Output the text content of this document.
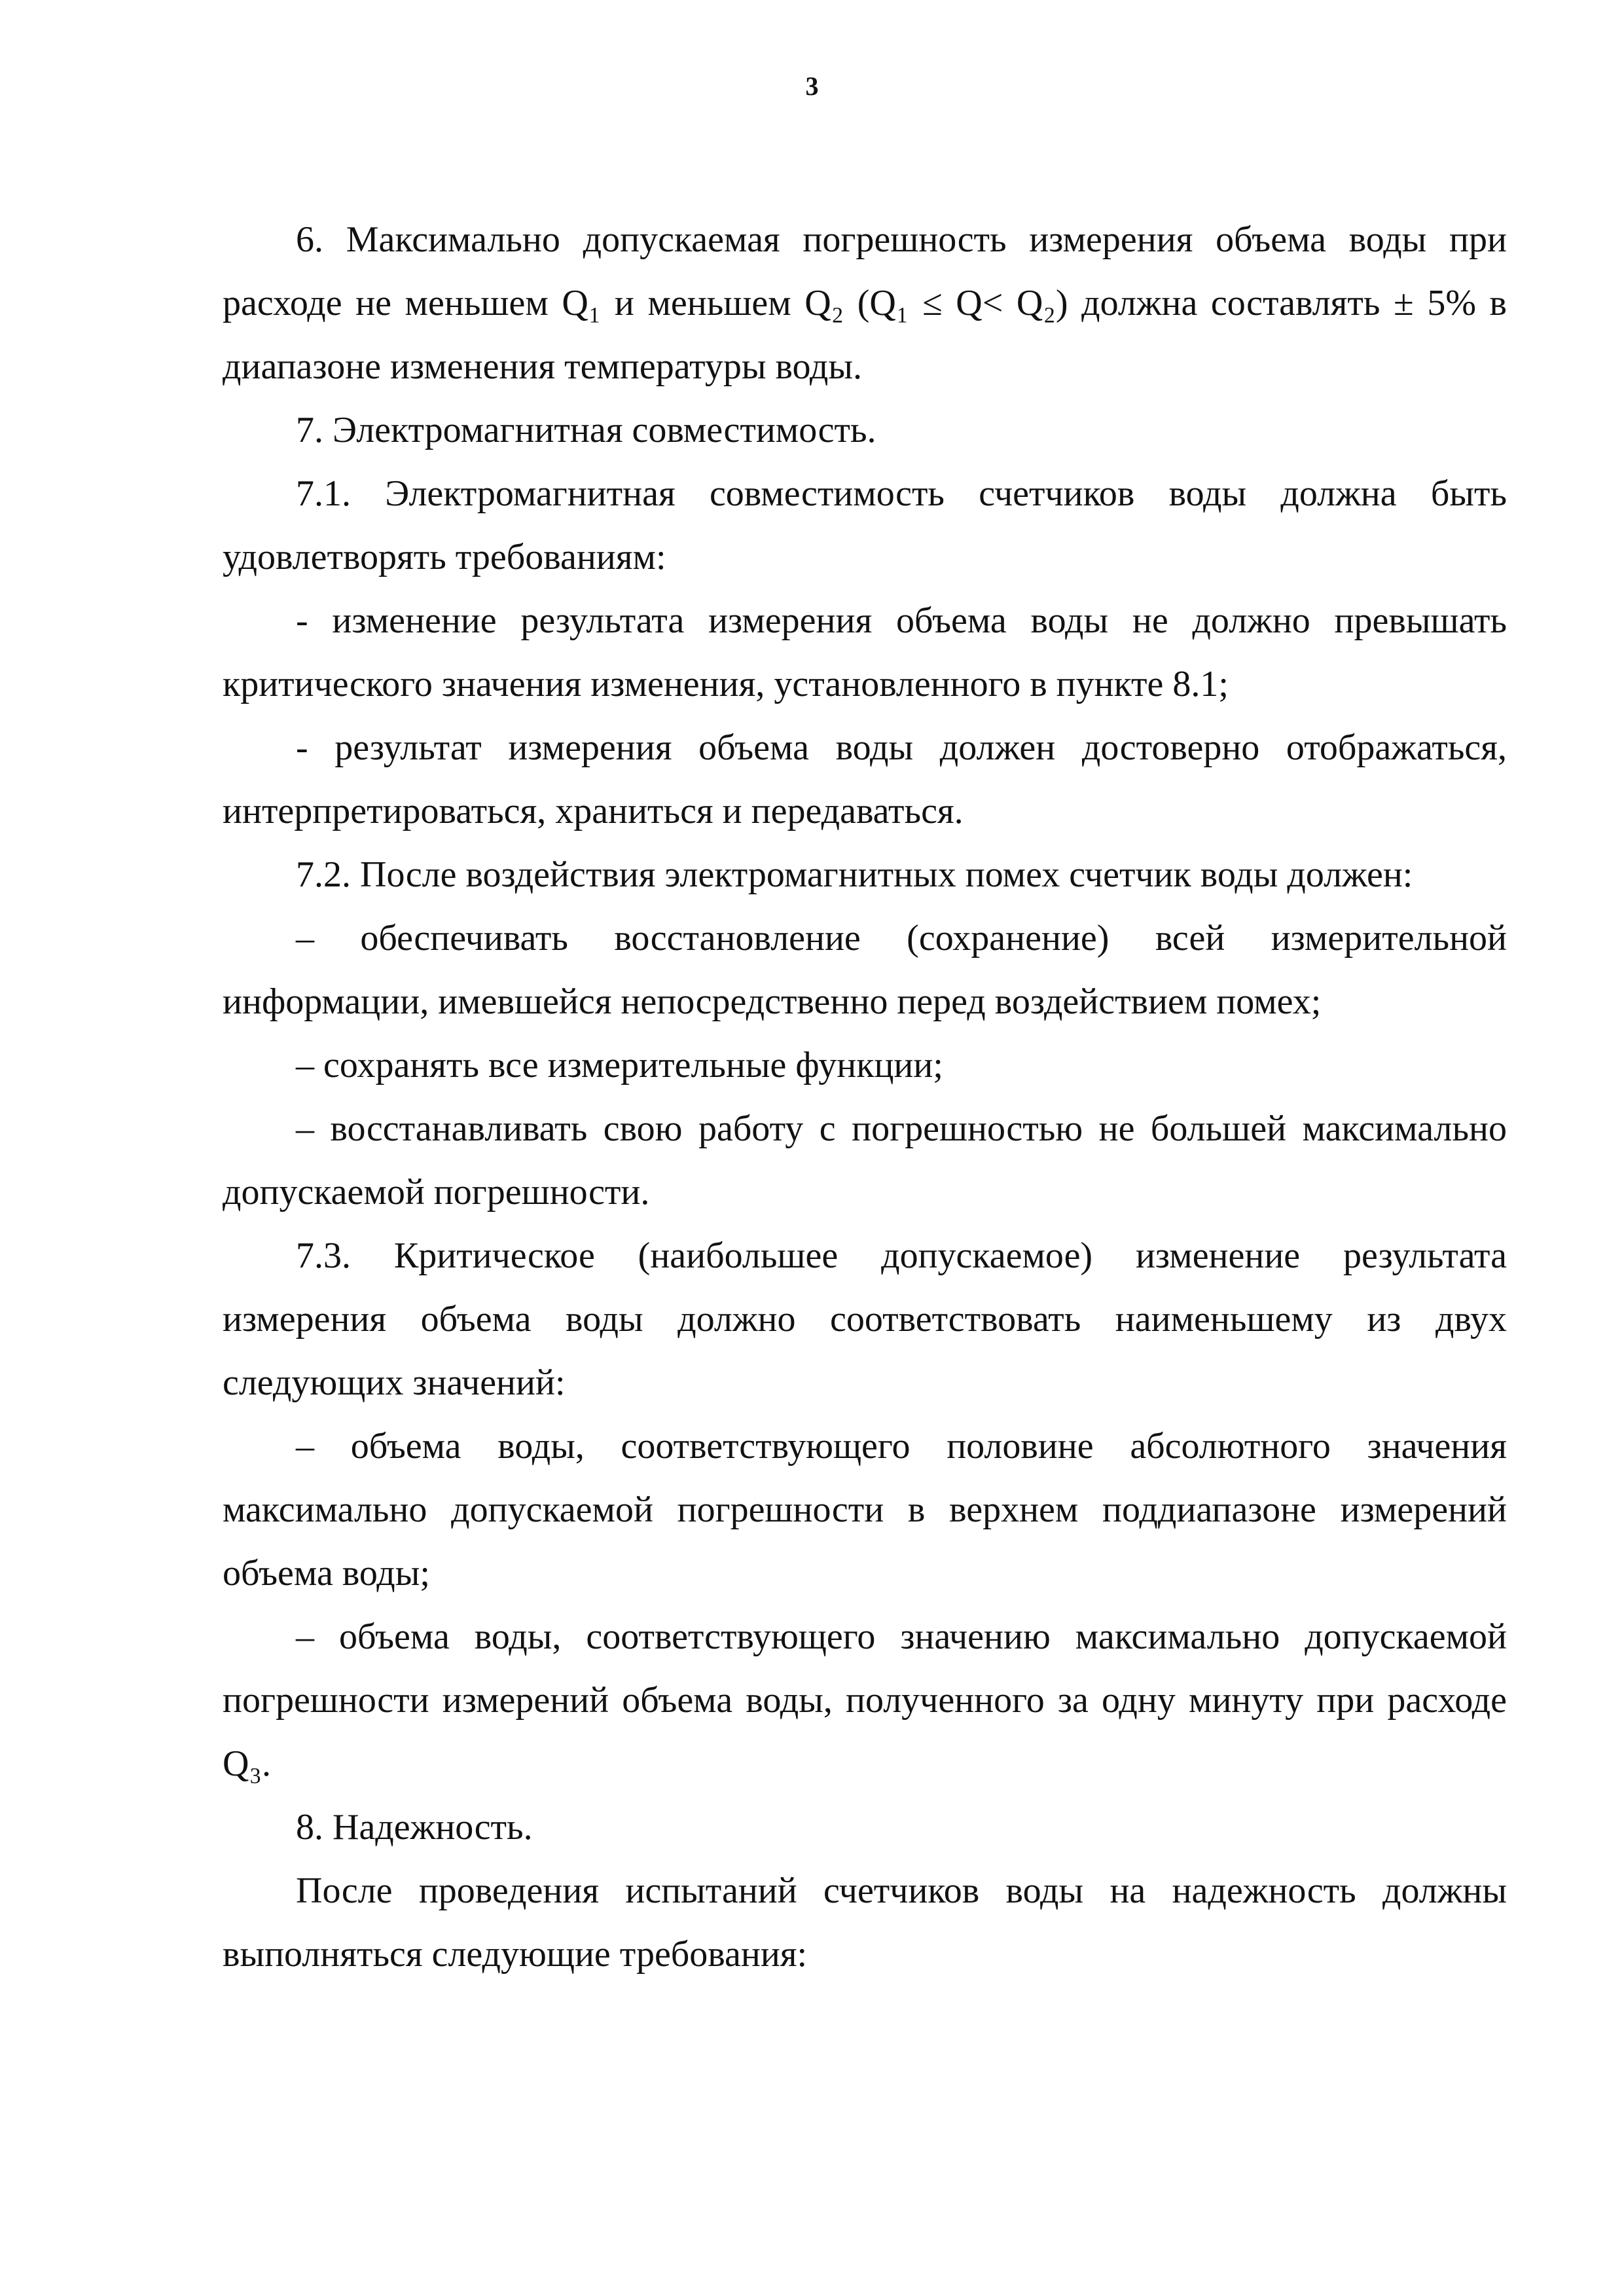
3

6. Максимально допускаемая погрешность измерения объема воды при расходе не меньшем Q₁ и меньшем Q₂ (Q₁ ≤ Q< Q₂) должна составлять ± 5% в диапазоне изменения температуры воды.

7. Электромагнитная совместимость.

7.1. Электромагнитная совместимость счетчиков воды должна быть удовлетворять требованиям:

- изменение результата измерения объема воды не должно превышать критического значения изменения, установленного в пункте 8.1;

- результат измерения объема воды должен достоверно отображаться, интерпретироваться, храниться и передаваться.

7.2. После воздействия электромагнитных помех счетчик воды должен:

– обеспечивать восстановление (сохранение) всей измерительной информации, имевшейся непосредственно перед воздействием помех;

– сохранять все измерительные функции;

– восстанавливать свою работу с погрешностью не большей максимально допускаемой погрешности.

7.3. Критическое (наибольшее допускаемое) изменение результата измерения объема воды должно соответствовать наименьшему из двух следующих значений:

– объема воды, соответствующего половине абсолютного значения максимально допускаемой погрешности в верхнем поддиапазоне измерений объема воды;

– объема воды, соответствующего значению максимально допускаемой погрешности измерений объема воды, полученного за одну минуту при расходе Q₃.

8. Надежность.

После проведения испытаний счетчиков воды на надежность должны выполняться следующие требования:
